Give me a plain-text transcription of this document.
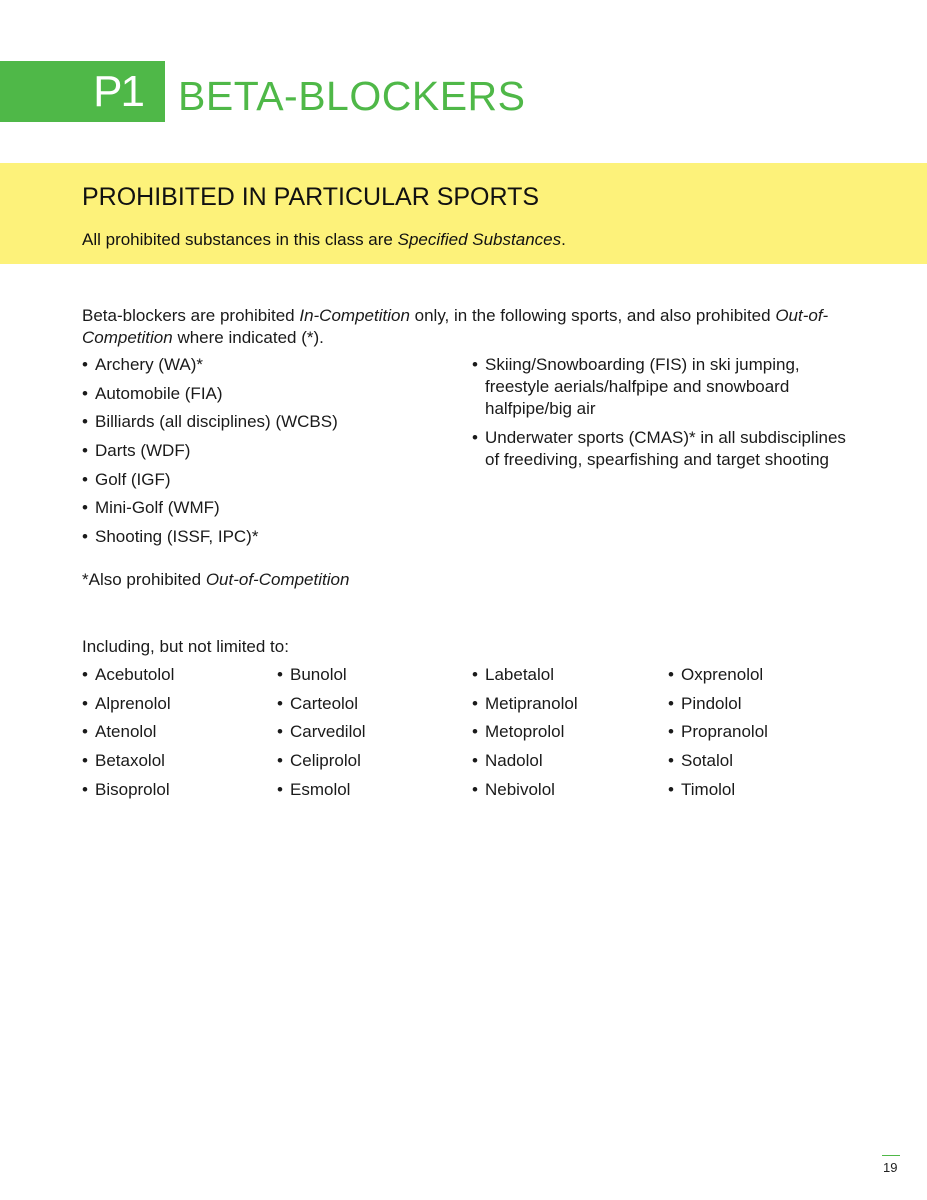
P1 BETA-BLOCKERS
PROHIBITED IN PARTICULAR SPORTS
All prohibited substances in this class are Specified Substances.
Beta-blockers are prohibited In-Competition only, in the following sports, and also prohibited Out-of-Competition where indicated (*).
• Archery (WA)*
• Automobile (FIA)
• Billiards (all disciplines) (WCBS)
• Darts (WDF)
• Golf (IGF)
• Mini-Golf (WMF)
• Shooting (ISSF, IPC)*
• Skiing/Snowboarding (FIS) in ski jumping, freestyle aerials/halfpipe and snowboard halfpipe/big air
• Underwater sports (CMAS)* in all subdisciplines of freediving, spearfishing and target shooting
*Also prohibited Out-of-Competition
Including, but not limited to:
• Acebutolol
• Alprenolol
• Atenolol
• Betaxolol
• Bisoprolol
• Bunolol
• Carteolol
• Carvedilol
• Celiprolol
• Esmolol
• Labetalol
• Metipranolol
• Metoprolol
• Nadolol
• Nebivolol
• Oxprenolol
• Pindolol
• Propranolol
• Sotalol
• Timolol
19
